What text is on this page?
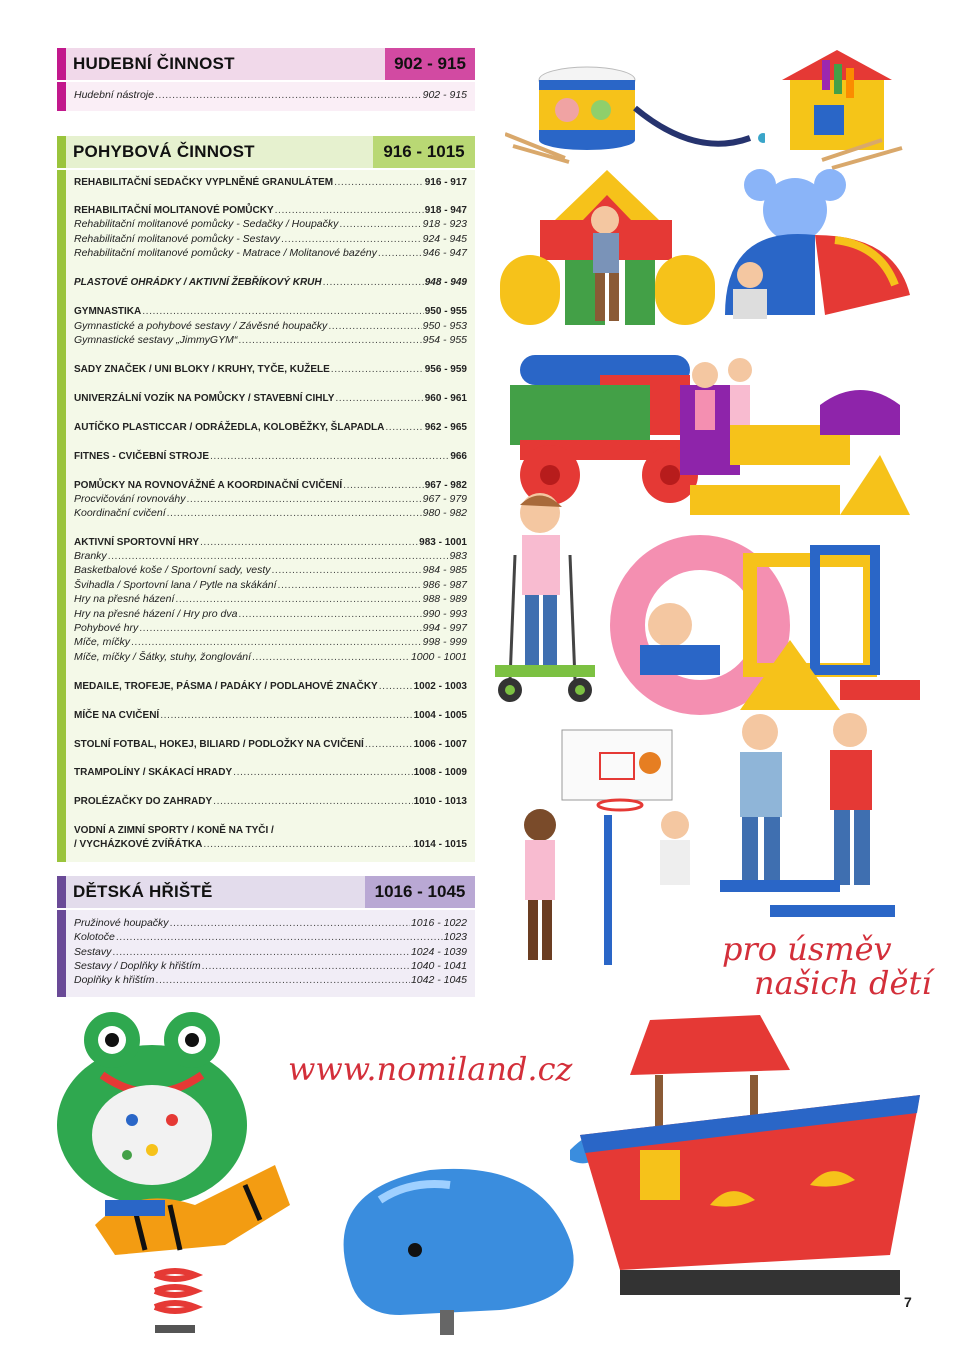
HUDEBNÍ ČINNOST	902 - 915
Hudební nástroje .....	902 - 915
POHYBOVÁ ČINNOST	916 - 1015
REHABILITAČNÍ SEDAČKY VYPLNĚNÉ GRANULÁTEM .....	916 - 917
REHABILITAČNÍ MOLITANOVÉ POMŮCKY .....	918 - 947
Rehabilitační molitanové pomůcky - Sedačky / Houpačky .....	918 - 923
Rehabilitační molitanové pomůcky - Sestavy .....	924 - 945
Rehabilitační molitanové pomůcky - Matrace / Molitanové bazény .....	946 - 947
PLASTOVÉ OHRÁDKY / AKTIVNÍ ŽEBŘÍKOVÝ KRUH .....	948 - 949
GYMNASTIKA .....	950 - 955
Gymnastické a pohybové sestavy / Závěsné houpačky .....	950 - 953
Gymnastické sestavy „JimmyGYM“ .....	954 - 955
SADY ZNAČEK / UNI BLOKY / KRUHY, TYČE, KUŽELE .....	956 - 959
UNIVERZÁLNÍ VOZÍK NA POMŮCKY / STAVEBNÍ CIHLY .....	960 - 961
AUTÍČKO PLASTICCAR / ODRÁŽEDLA, KOLOBĚŽKY, ŠLAPADLA .....	962 - 965
FITNES - CVIČEBNÍ STROJE .....	966
POMŮCKY NA ROVNOVÁŽNÉ A KOORDINAČNÍ CVIČENÍ .....	967 - 982
Procvičování rovnováhy .....	967 - 979
Koordinační cvičení .....	980 - 982
AKTIVNÍ SPORTOVNÍ HRY .....	983 - 1001
Branky .....	983
Basketbalové koše / Sportovní sady, vesty .....	984 - 985
Švihadla / Sportovní lana / Pytle na skákání .....	986 - 987
Hry na přesné házení .....	988 - 989
Hry na přesné házení / Hry pro dva .....	990 - 993
Pohybové hry .....	994 - 997
Míče, míčky .....	998 - 999
Míče, míčky / Šátky, stuhy, žonglování .....	1000 - 1001
MEDAILE, TROFEJE, PÁSMA / PADÁKY / PODLAHOVÉ ZNAČKY .....	1002 - 1003
MÍČE NA CVIČENÍ .....	1004 - 1005
STOLNÍ FOTBAL, HOKEJ, BILIARD / PODLOŽKY NA CVIČENÍ .....	1006 - 1007
TRAMPOLÍNY / SKÁKACÍ HRADY .....	1008 - 1009
PROLÉZAČKY DO ZAHRADY .....	1010 - 1013
VODNÍ A ZIMNÍ SPORTY / KONĚ NA TYČI /
/ VYCHÁZKOVÉ ZVÍŘÁTKA .....	1014 - 1015
DĚTSKÁ HŘIŠTĚ	1016 - 1045
Pružinové houpačky .....	1016 - 1022
Kolotoče .....	1023
Sestavy .....	1024 - 1039
Sestavy / Doplňky k hřištím .....	1040 - 1041
Doplňky k hřištím .....	1042 - 1045
pro úsměv
našich dětí
www.nomiland.cz
7
